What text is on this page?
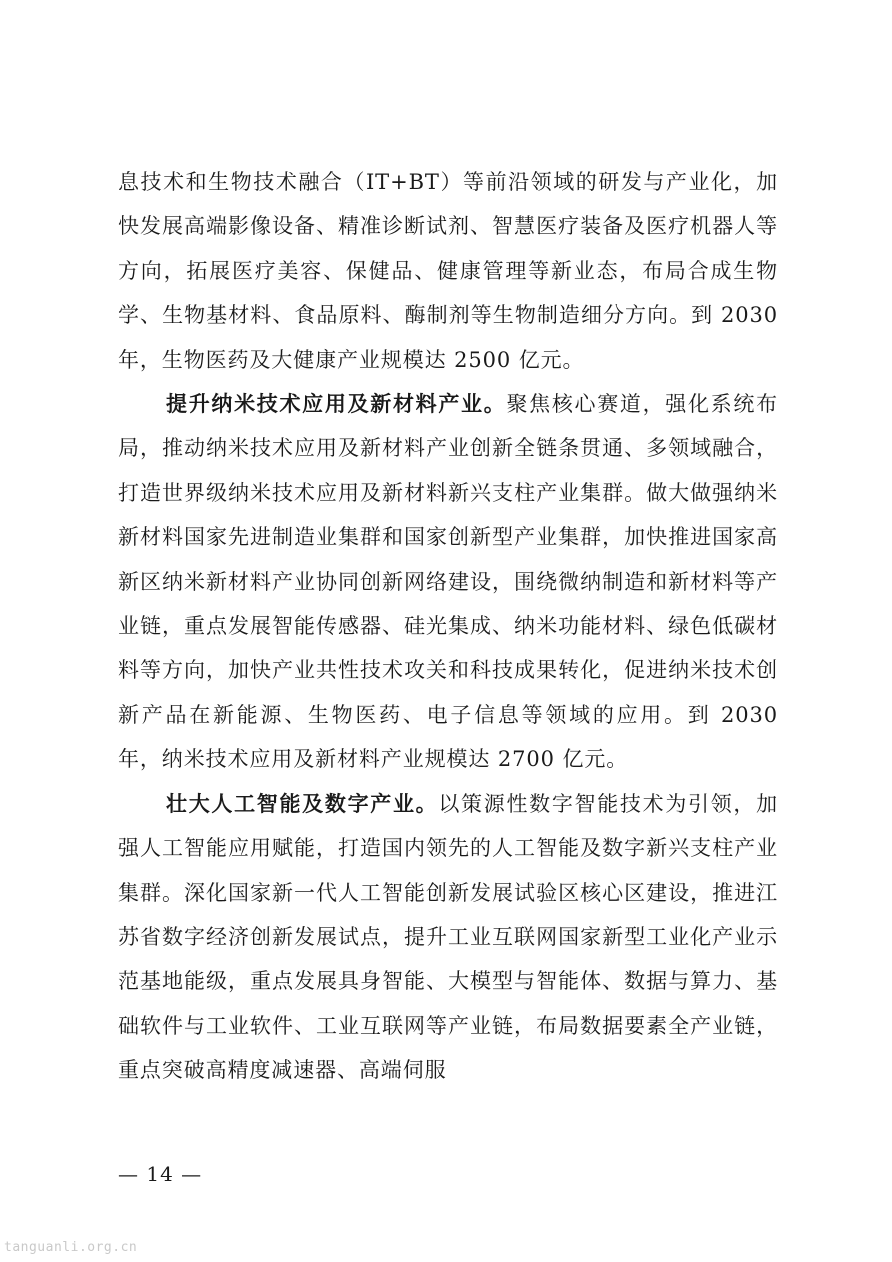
息技术和生物技术融合（IT+BT）等前沿领域的研发与产业化，加快发展高端影像设备、精准诊断试剂、智慧医疗装备及医疗机器人等方向，拓展医疗美容、保健品、健康管理等新业态，布局合成生物学、生物基材料、食品原料、酶制剂等生物制造细分方向。到 2030 年，生物医药及大健康产业规模达 2500 亿元。

提升纳米技术应用及新材料产业。聚焦核心赛道，强化系统布局，推动纳米技术应用及新材料产业创新全链条贯通、多领域融合，打造世界级纳米技术应用及新材料新兴支柱产业集群。做大做强纳米新材料国家先进制造业集群和国家创新型产业集群，加快推进国家高新区纳米新材料产业协同创新网络建设，围绕微纳制造和新材料等产业链，重点发展智能传感器、硅光集成、纳米功能材料、绿色低碳材料等方向，加快产业共性技术攻关和科技成果转化，促进纳米技术创新产品在新能源、生物医药、电子信息等领域的应用。到 2030 年，纳米技术应用及新材料产业规模达 2700 亿元。

壮大人工智能及数字产业。以策源性数字智能技术为引领，加强人工智能应用赋能，打造国内领先的人工智能及数字新兴支柱产业集群。深化国家新一代人工智能创新发展试验区核心区建设，推进江苏省数字经济创新发展试点，提升工业互联网国家新型工业化产业示范基地能级，重点发展具身智能、大模型与智能体、数据与算力、基础软件与工业软件、工业互联网等产业链，布局数据要素全产业链，重点突破高精度减速器、高端伺服

— 14 —
tanguanli.org.cn
